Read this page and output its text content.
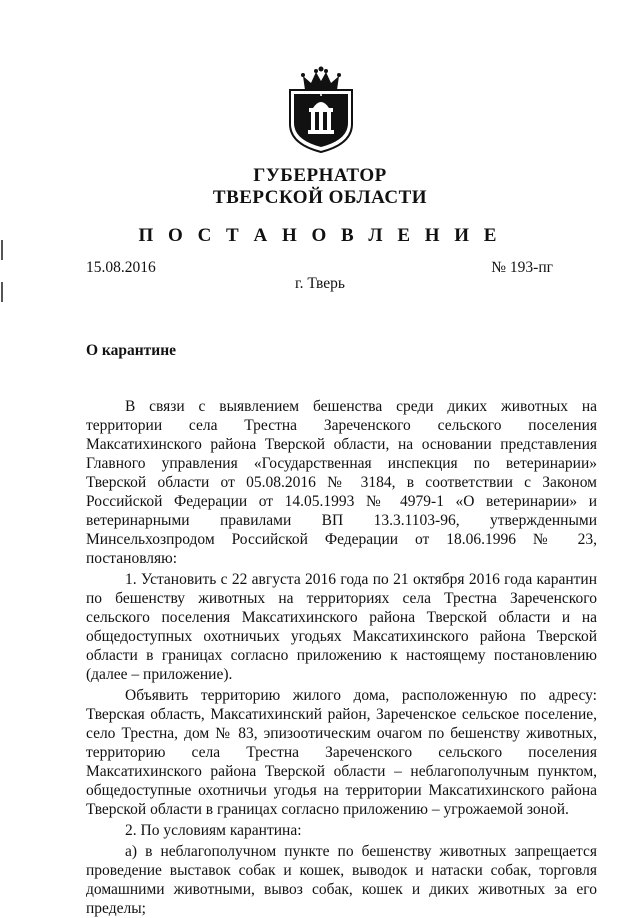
ГУБЕРНАТОР
ТВЕРСКОЙ ОБЛАСТИ
П О С Т А Н О В Л Е Н И Е
15.08.2016	№ 193-пг
г. Тверь
О карантине

В связи с выявлением бешенства среди диких животных на территории села Трестна Зареченского сельского поселения Максатихинского района Тверской области, на основании представления Главного управления «Государственная инспекция по ветеринарии» Тверской области от 05.08.2016 № 3184, в соответствии с Законом Российской Федерации от 14.05.1993 № 4979-1 «О ветеринарии» и ветеринарными правилами ВП 13.3.1103-96, утвержденными Минсельхозпродом Российской Федерации от 18.06.1996 № 23, постановляю:

1. Установить с 22 августа 2016 года по 21 октября 2016 года карантин по бешенству животных на территориях села Трестна Зареченского сельского поселения Максатихинского района Тверской области и на общедоступных охотничьих угодьях Максатихинского района Тверской области в границах согласно приложению к настоящему постановлению (далее – приложение).

Объявить территорию жилого дома, расположенную по адресу: Тверская область, Максатихинский район, Зареченское сельское поселение, село Трестна, дом № 83, эпизоотическим очагом по бешенству животных, территорию села Трестна Зареченского сельского поселения Максатихинского района Тверской области – неблагополучным пунктом, общедоступные охотничьи угодья на территории Максатихинского района Тверской области в границах согласно приложению – угрожаемой зоной.

2. По условиям карантина:

а) в неблагополучном пункте по бешенству животных запрещается проведение выставок собак и кошек, выводок и натаски собак, торговля домашними животными, вывоз собак, кошек и диких животных за его пределы;
